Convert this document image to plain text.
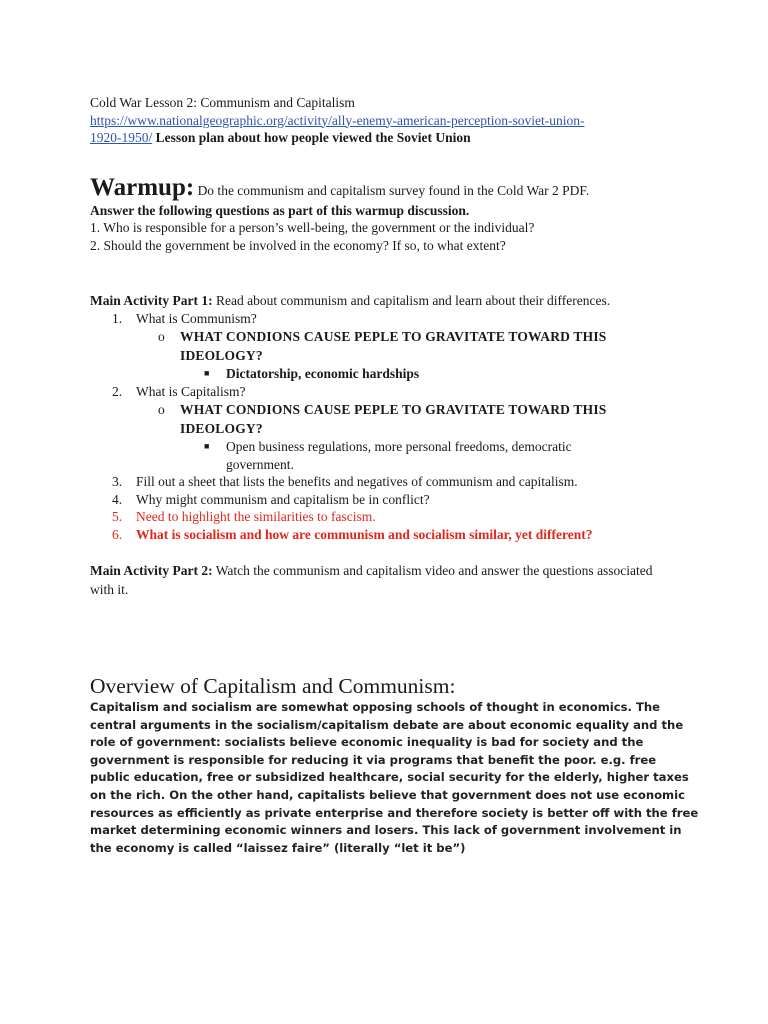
Cold War Lesson 2: Communism and Capitalism
https://www.nationalgeographic.org/activity/ally-enemy-american-perception-soviet-union-
1920-1950/ Lesson plan about how people viewed the Soviet Union
Warmup: Do the communism and capitalism survey found in the Cold War 2 PDF.
Answer the following questions as part of this warmup discussion.
1. Who is responsible for a person’s well-being, the government or the individual?
2. Should the government be involved in the economy? If so, to what extent?
Main Activity Part 1: Read about communism and capitalism and learn about their differences.
1. What is Communism?
o WHAT CONDIONS CAUSE PEPLE TO GRAVITATE TOWARD THIS IDEOLOGY?
■ Dictatorship, economic hardships
2. What is Capitalism?
o WHAT CONDIONS CAUSE PEPLE TO GRAVITATE TOWARD THIS IDEOLOGY?
■ Open business regulations, more personal freedoms, democratic government.
3. Fill out a sheet that lists the benefits and negatives of communism and capitalism.
4. Why might communism and capitalism be in conflict?
5. Need to highlight the similarities to fascism.
6. What is socialism and how are communism and socialism similar, yet different?
Main Activity Part 2: Watch the communism and capitalism video and answer the questions associated with it.
Overview of Capitalism and Communism:
Capitalism and socialism are somewhat opposing schools of thought in economics. The
central arguments in the socialism/capitalism debate are about economic equality and the
role of government: socialists believe economic inequality is bad for society and the
government is responsible for reducing it via programs that benefit the poor. e.g. free
public education, free or subsidized healthcare, social security for the elderly, higher taxes
on the rich. On the other hand, capitalists believe that government does not use economic
resources as efficiently as private enterprise and therefore society is better off with the free
market determining economic winners and losers. This lack of government involvement in
the economy is called “laissez faire” (literally “let it be”)
